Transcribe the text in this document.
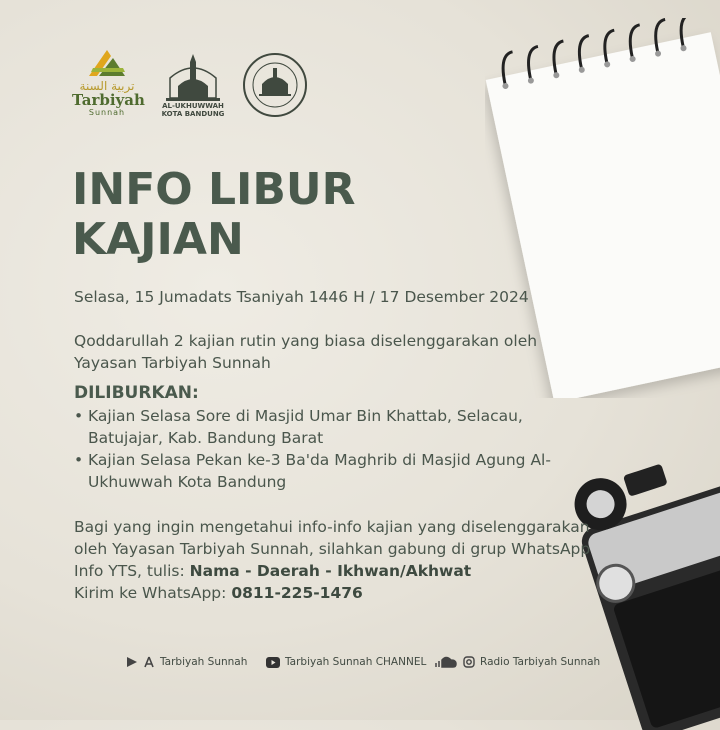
تربية السنة
Tarbiyah
Sunnah
AL-UKHUWWAH
KOTA BANDUNG
INFO LIBUR
KAJIAN
Selasa, 15 Jumadats Tsaniyah 1446 H / 17 Desember 2024
Qoddarullah 2 kajian rutin yang biasa diselenggarakan oleh Yayasan Tarbiyah Sunnah
DILIBURKAN:
• Kajian Selasa Sore di Masjid Umar Bin Khattab, Selacau, Batujajar, Kab. Bandung Barat
• Kajian Selasa Pekan ke-3 Ba'da Maghrib di Masjid Agung Al-Ukhuwwah Kota Bandung
Bagi yang ingin mengetahui info-info kajian yang diselenggarakan oleh Yayasan Tarbiyah Sunnah, silahkan gabung di grup WhatsApp Info YTS, tulis: Nama - Daerah - Ikhwan/Akhwat
Kirim ke WhatsApp: 0811-225-1476
Tarbiyah Sunnah	Tarbiyah Sunnah CHANNEL	Radio Tarbiyah Sunnah
